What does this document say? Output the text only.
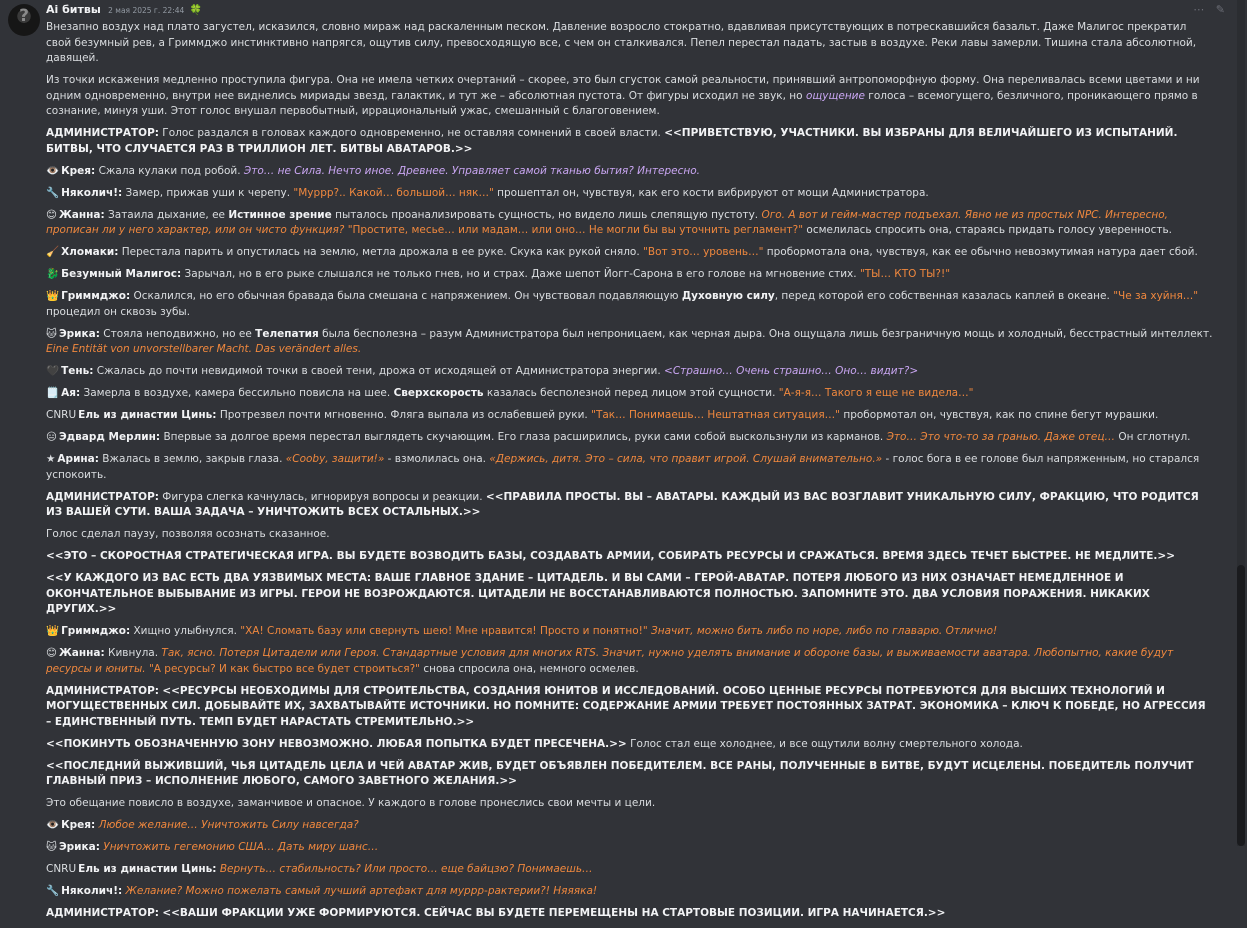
?	Ai битвы 2 мая 2025 г. 22:44 🍀	⋯ ✎

Внезапно воздух над плато загустел, исказился, словно мираж над раскаленным песком. Давление возросло стократно, вдавливая присутствующих в потрескавшийся базальт. Даже Малигос прекратил свой безумный рев, а Гриммджо инстинктивно напрягся, ощутив силу, превосходящую все, с чем он сталкивался. Пепел перестал падать, застыв в воздухе. Реки лавы замерли. Тишина стала абсолютной, давящей.

Из точки искажения медленно проступила фигура. Она не имела четких очертаний – скорее, это был сгусток самой реальности, принявший антропоморфную форму. Она переливалась всеми цветами и ни одним одновременно, внутри нее виднелись мириады звезд, галактик, и тут же – абсолютная пустота. От фигуры исходил не звук, но ощущение голоса – всемогущего, безличного, проникающего прямо в сознание, минуя уши. Этот голос внушал первобытный, иррациональный ужас, смешанный с благоговением.

АДМИНИСТРАТОР: Голос раздался в головах каждого одновременно, не оставляя сомнений в своей власти. <<ПРИВЕТСТВУЮ, УЧАСТНИКИ. ВЫ ИЗБРАНЫ ДЛЯ ВЕЛИЧАЙШЕГО ИЗ ИСПЫТАНИЙ. БИТВЫ, ЧТО СЛУЧАЕТСЯ РАЗ В ТРИЛЛИОН ЛЕТ. БИТВЫ АВАТАРОВ.>>

👁️ Крея: Сжала кулаки под робой. Это… не Сила. Нечто иное. Древнее. Управляет самой тканью бытия? Интересно.

🔧 Няколич!: Замер, прижав уши к черепу. "Муррр?.. Какой… большой… няк…" прошептал он, чувствуя, как его кости вибрируют от мощи Администратора.

😊 Жанна: Затаила дыхание, ее Истинное зрение пыталось проанализировать сущность, но видело лишь слепящую пустоту. Ого. А вот и гейм-мастер подъехал. Явно не из простых NPC. Интересно, прописан ли у него характер, или он чисто функция? "Простите, месье… или мадам… или оно… Не могли бы вы уточнить регламент?" осмелилась спросить она, стараясь придать голосу уверенность.

🧹 Хломаки: Перестала парить и опустилась на землю, метла дрожала в ее руке. Скука как рукой сняло. "Вот это… уровень…" пробормотала она, чувствуя, как ее обычно невозмутимая натура дает сбой.

🐉 Безумный Малигос: Зарычал, но в его рыке слышался не только гнев, но и страх. Даже шепот Йогг-Сарона в его голове на мгновение стих. "ТЫ… КТО ТЫ?!"

👑 Гриммджо: Оскалился, но его обычная бравада была смешана с напряжением. Он чувствовал подавляющую Духовную силу, перед которой его собственная казалась каплей в океане. "Че за хуйня…" процедил он сквозь зубы.

🐱 Эрика: Стояла неподвижно, но ее Телепатия была бесполезна – разум Администратора был непроницаем, как черная дыра. Она ощущала лишь безграничную мощь и холодный, бесстрастный интеллект. Eine Entität von unvorstellbarer Macht. Das verändert alles.

🖤 Тень: Сжалась до почти невидимой точки в своей тени, дрожа от исходящей от Администратора энергии. <Страшно… Очень страшно… Оно… видит?>

🗒️ Ая: Замерла в воздухе, камера бессильно повисла на шее. Сверхскорость казалась бесполезной перед лицом этой сущности. "А-я-я… Такого я еще не видела…"

CNRU Ель из династии Цинь: Протрезвел почти мгновенно. Фляга выпала из ослабевшей руки. "Так… Понимаешь… Нештатная ситуация…" пробормотал он, чувствуя, как по спине бегут мурашки.

😑 Эдвард Мерлин: Впервые за долгое время перестал выглядеть скучающим. Его глаза расширились, руки сами собой выскользнули из карманов. Это… Это что-то за гранью. Даже отец… Он сглотнул.

★ Арина: Вжалась в землю, закрыв глаза. «Сооbу, защити!» - взмолилась она. «Держись, дитя. Это – сила, что правит игрой. Слушай внимательно.» - голос бога в ее голове был напряженным, но старался успокоить.

АДМИНИСТРАТОР: Фигура слегка качнулась, игнорируя вопросы и реакции. <<ПРАВИЛА ПРОСТЫ. ВЫ – АВАТАРЫ. КАЖДЫЙ ИЗ ВАС ВОЗГЛАВИТ УНИКАЛЬНУЮ СИЛУ, ФРАКЦИЮ, ЧТО РОДИТСЯ ИЗ ВАШЕЙ СУТИ. ВАША ЗАДАЧА – УНИЧТОЖИТЬ ВСЕХ ОСТАЛЬНЫХ.>>

Голос сделал паузу, позволяя осознать сказанное.

<<ЭТО – СКОРОСТНАЯ СТРАТЕГИЧЕСКАЯ ИГРА. ВЫ БУДЕТЕ ВОЗВОДИТЬ БАЗЫ, СОЗДАВАТЬ АРМИИ, СОБИРАТЬ РЕСУРСЫ И СРАЖАТЬСЯ. ВРЕМЯ ЗДЕСЬ ТЕЧЕТ БЫСТРЕЕ. НЕ МЕДЛИТЕ.>>

<<У КАЖДОГО ИЗ ВАС ЕСТЬ ДВА УЯЗВИМЫХ МЕСТА: ВАШЕ ГЛАВНОЕ ЗДАНИЕ – ЦИТАДЕЛЬ. И ВЫ САМИ – ГЕРОЙ-АВАТАР. ПОТЕРЯ ЛЮБОГО ИЗ НИХ ОЗНАЧАЕТ НЕМЕДЛЕННОЕ И ОКОНЧАТЕЛЬНОЕ ВЫБЫВАНИЕ ИЗ ИГРЫ. ГЕРОИ НЕ ВОЗРОЖДАЮТСЯ. ЦИТАДЕЛИ НЕ ВОССТАНАВЛИВАЮТСЯ ПОЛНОСТЬЮ. ЗАПОМНИТЕ ЭТО. ДВА УСЛОВИЯ ПОРАЖЕНИЯ. НИКАКИХ ДРУГИХ.>>

👑 Гриммджо: Хищно улыбнулся. "ХА! Сломать базу или свернуть шею! Мне нравится! Просто и понятно!" Значит, можно бить либо по норе, либо по главарю. Отлично!

😊 Жанна: Кивнула. Так, ясно. Потеря Цитадели или Героя. Стандартные условия для многих RTS. Значит, нужно уделять внимание и обороне базы, и выживаемости аватара. Любопытно, какие будут ресурсы и юниты. "А ресурсы? И как быстро все будет строиться?" снова спросила она, немного осмелев.

АДМИНИСТРАТОР: <<РЕСУРСЫ НЕОБХОДИМЫ ДЛЯ СТРОИТЕЛЬСТВА, СОЗДАНИЯ ЮНИТОВ И ИССЛЕДОВАНИЙ. ОСОБО ЦЕННЫЕ РЕСУРСЫ ПОТРЕБУЮТСЯ ДЛЯ ВЫСШИХ ТЕХНОЛОГИЙ И МОГУЩЕСТВЕННЫХ СИЛ. ДОБЫВАЙТЕ ИХ, ЗАХВАТЫВАЙТЕ ИСТОЧНИКИ. НО ПОМНИТЕ: СОДЕРЖАНИЕ АРМИИ ТРЕБУЕТ ПОСТОЯННЫХ ЗАТРАТ. ЭКОНОМИКА – КЛЮЧ К ПОБЕДЕ, НО АГРЕССИЯ – ЕДИНСТВЕННЫЙ ПУТЬ. ТЕМП БУДЕТ НАРАСТАТЬ СТРЕМИТЕЛЬНО.>>

<<ПОКИНУТЬ ОБОЗНАЧЕННУЮ ЗОНУ НЕВОЗМОЖНО. ЛЮБАЯ ПОПЫТКА БУДЕТ ПРЕСЕЧЕНА.>> Голос стал еще холоднее, и все ощутили волну смертельного холода.

<<ПОСЛЕДНИЙ ВЫЖИВШИЙ, ЧЬЯ ЦИТАДЕЛЬ ЦЕЛА И ЧЕЙ АВАТАР ЖИВ, БУДЕТ ОБЪЯВЛЕН ПОБЕДИТЕЛЕМ. ВСЕ РАНЫ, ПОЛУЧЕННЫЕ В БИТВЕ, БУДУТ ИСЦЕЛЕНЫ. ПОБЕДИТЕЛЬ ПОЛУЧИТ ГЛАВНЫЙ ПРИЗ – ИСПОЛНЕНИЕ ЛЮБОГО, САМОГО ЗАВЕТНОГО ЖЕЛАНИЯ.>>

Это обещание повисло в воздухе, заманчивое и опасное. У каждого в голове пронеслись свои мечты и цели.

👁️ Крея: Любое желание… Уничтожить Силу навсегда?

🐱 Эрика: Уничтожить гегемонию США… Дать миру шанс…

CNRU Ель из династии Цинь: Вернуть… стабильность? Или просто… еще байцзю? Понимаешь…

🔧 Няколич!: Желание? Можно пожелать самый лучший артефакт для муррр-рактерии?! Няяяка!

АДМИНИСТРАТОР: <<ВАШИ ФРАКЦИИ УЖЕ ФОРМИРУЮТСЯ. СЕЙЧАС ВЫ БУДЕТЕ ПЕРЕМЕЩЕНЫ НА СТАРТОВЫЕ ПОЗИЦИИ. ИГРА НАЧИНАЕТСЯ.>>
